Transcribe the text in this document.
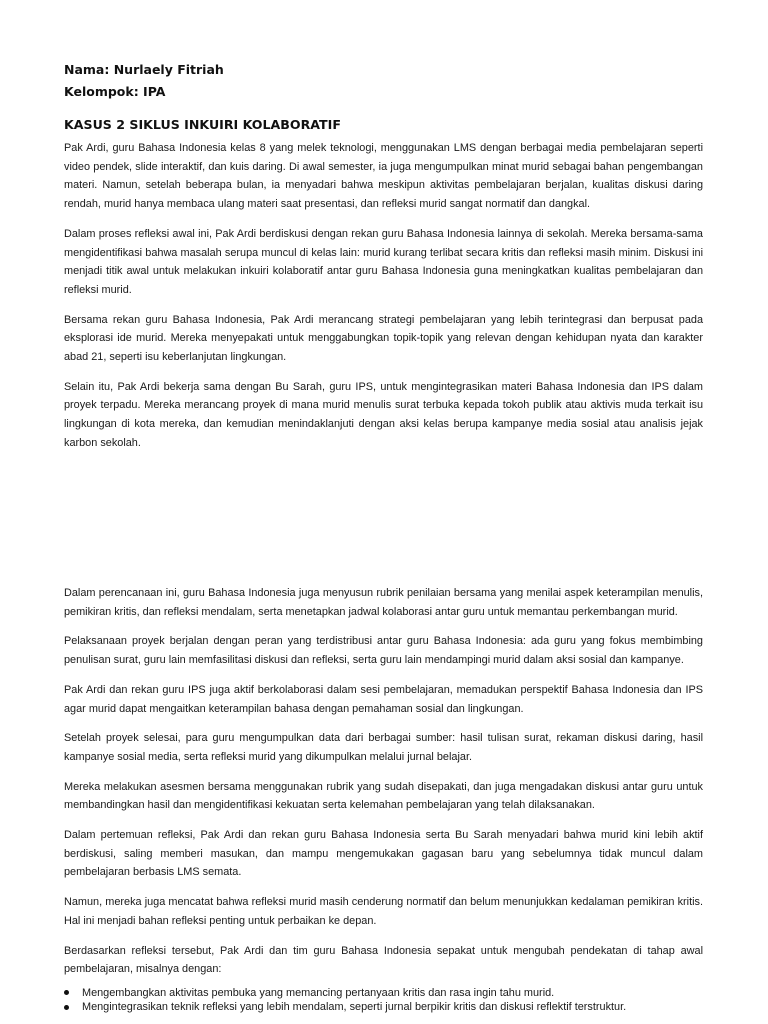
Nama: Nurlaely Fitriah
Kelompok: IPA
KASUS 2 SIKLUS INKUIRI KOLABORATIF

Pak Ardi, guru Bahasa Indonesia kelas 8 yang melek teknologi, menggunakan LMS dengan berbagai media pembelajaran seperti video pendek, slide interaktif, dan kuis daring. Di awal semester, ia juga mengumpulkan minat murid sebagai bahan pengembangan materi. Namun, setelah beberapa bulan, ia menyadari bahwa meskipun aktivitas pembelajaran berjalan, kualitas diskusi daring rendah, murid hanya membaca ulang materi saat presentasi, dan refleksi murid sangat normatif dan dangkal.

Dalam proses refleksi awal ini, Pak Ardi berdiskusi dengan rekan guru Bahasa Indonesia lainnya di sekolah. Mereka bersama-sama mengidentifikasi bahwa masalah serupa muncul di kelas lain: murid kurang terlibat secara kritis dan refleksi masih minim. Diskusi ini menjadi titik awal untuk melakukan inkuiri kolaboratif antar guru Bahasa Indonesia guna meningkatkan kualitas pembelajaran dan refleksi murid.

Bersama rekan guru Bahasa Indonesia, Pak Ardi merancang strategi pembelajaran yang lebih terintegrasi dan berpusat pada eksplorasi ide murid. Mereka menyepakati untuk menggabungkan topik-topik yang relevan dengan kehidupan nyata dan karakter abad 21, seperti isu keberlanjutan lingkungan.

Selain itu, Pak Ardi bekerja sama dengan Bu Sarah, guru IPS, untuk mengintegrasikan materi Bahasa Indonesia dan IPS dalam proyek terpadu. Mereka merancang proyek di mana murid menulis surat terbuka kepada tokoh publik atau aktivis muda terkait isu lingkungan di kota mereka, dan kemudian menindaklanjuti dengan aksi kelas berupa kampanye media sosial atau analisis jejak karbon sekolah.

Dalam perencanaan ini, guru Bahasa Indonesia juga menyusun rubrik penilaian bersama yang menilai aspek keterampilan menulis, pemikiran kritis, dan refleksi mendalam, serta menetapkan jadwal kolaborasi antar guru untuk memantau perkembangan murid.

Pelaksanaan proyek berjalan dengan peran yang terdistribusi antar guru Bahasa Indonesia: ada guru yang fokus membimbing penulisan surat, guru lain memfasilitasi diskusi dan refleksi, serta guru lain mendampingi murid dalam aksi sosial dan kampanye.

Pak Ardi dan rekan guru IPS juga aktif berkolaborasi dalam sesi pembelajaran, memadukan perspektif Bahasa Indonesia dan IPS agar murid dapat mengaitkan keterampilan bahasa dengan pemahaman sosial dan lingkungan.

Setelah proyek selesai, para guru mengumpulkan data dari berbagai sumber: hasil tulisan surat, rekaman diskusi daring, hasil kampanye sosial media, serta refleksi murid yang dikumpulkan melalui jurnal belajar.

Mereka melakukan asesmen bersama menggunakan rubrik yang sudah disepakati, dan juga mengadakan diskusi antar guru untuk membandingkan hasil dan mengidentifikasi kekuatan serta kelemahan pembelajaran yang telah dilaksanakan.

Dalam pertemuan refleksi, Pak Ardi dan rekan guru Bahasa Indonesia serta Bu Sarah menyadari bahwa murid kini lebih aktif berdiskusi, saling memberi masukan, dan mampu mengemukakan gagasan baru yang sebelumnya tidak muncul dalam pembelajaran berbasis LMS semata.

Namun, mereka juga mencatat bahwa refleksi murid masih cenderung normatif dan belum menunjukkan kedalaman pemikiran kritis. Hal ini menjadi bahan refleksi penting untuk perbaikan ke depan.

Berdasarkan refleksi tersebut, Pak Ardi dan tim guru Bahasa Indonesia sepakat untuk mengubah pendekatan di tahap awal pembelajaran, misalnya dengan:

Mengembangkan aktivitas pembuka yang memancing pertanyaan kritis dan rasa ingin tahu murid.
Mengintegrasikan teknik refleksi yang lebih mendalam, seperti jurnal berpikir kritis dan diskusi reflektif terstruktur.
